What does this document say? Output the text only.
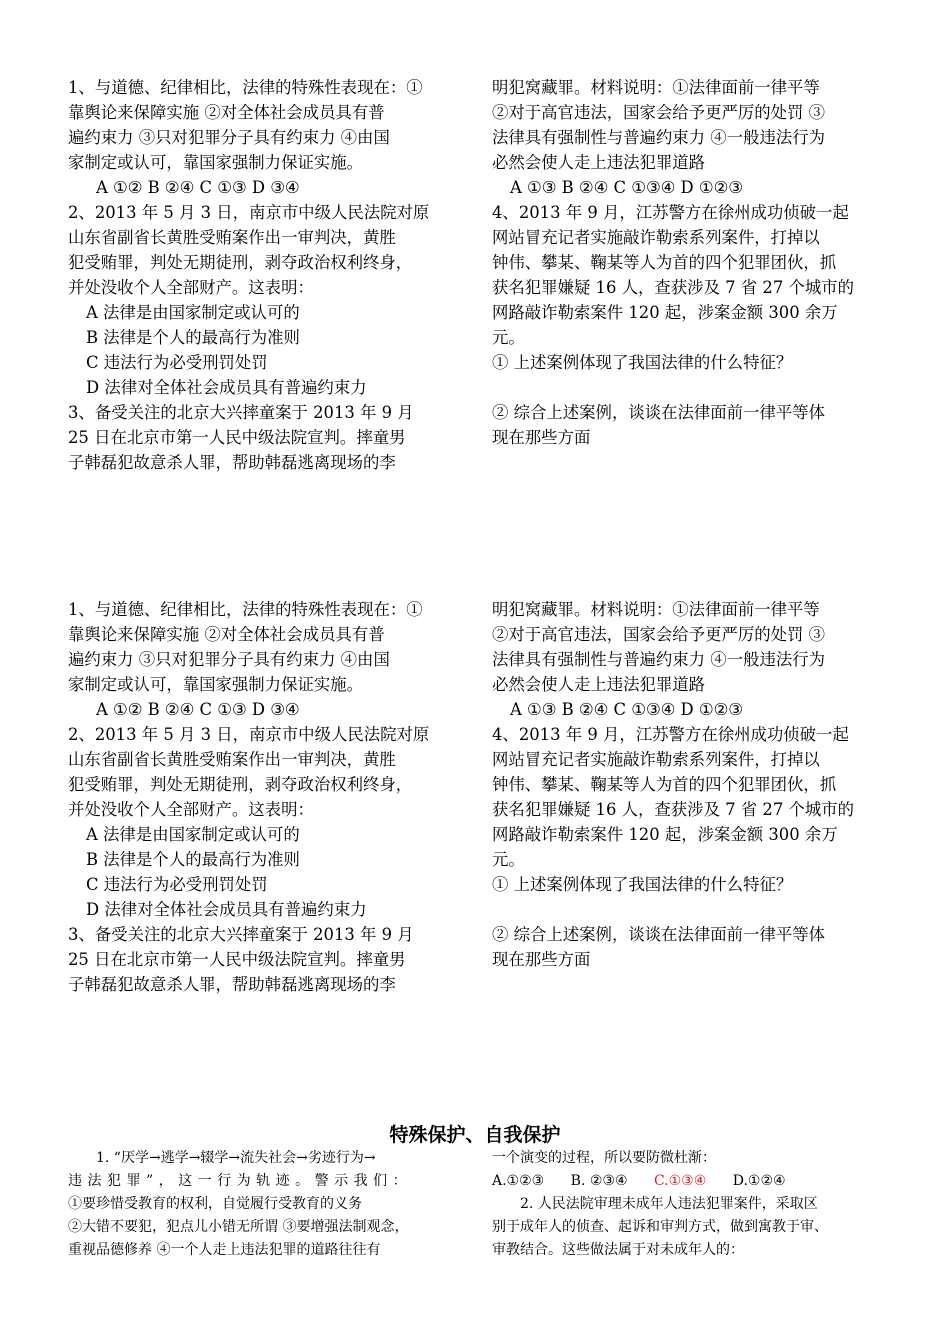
1、与道德、纪律相比，法律的特殊性表现在：①

靠舆论来保障实施 ②对全体社会成员具有普

遍约束力 ③只对犯罪分子具有约束力 ④由国

家制定或认可，靠国家强制力保证实施。

A ①② B ②④ C ①③ D ③④

2、2013 年 5 月 3 日，南京市中级人民法院对原

山东省副省长黄胜受贿案作出一审判决，黄胜

犯受贿罪，判处无期徒刑，剥夺政治权利终身，

并处没收个人全部财产。这表明：

A 法律是由国家制定或认可的

B 法律是个人的最高行为准则

C 违法行为必受刑罚处罚

D 法律对全体社会成员具有普遍约束力

3、备受关注的北京大兴摔童案于 2013 年 9 月

25 日在北京市第一人民中级法院宣判。摔童男

子韩磊犯故意杀人罪，帮助韩磊逃离现场的李

明犯窝藏罪。材料说明：①法律面前一律平等

②对于高官违法，国家会给予更严厉的处罚 ③

法律具有强制性与普遍约束力 ④一般违法行为

必然会使人走上违法犯罪道路

A ①③ B ②④ C ①③④ D ①②③

4、2013 年 9 月，江苏警方在徐州成功侦破一起

网站冒充记者实施敲诈勒索系列案件，打掉以

钟伟、攀某、鞠某等人为首的四个犯罪团伙，抓

获名犯罪嫌疑 16 人，查获涉及 7 省 27 个城市的

网路敲诈勒索案件 120 起，涉案金额 300 余万

元。

① 上述案例体现了我国法律的什么特征？

② 综合上述案例，谈谈在法律面前一律平等体

现在那些方面

1、与道德、纪律相比，法律的特殊性表现在：①

靠舆论来保障实施 ②对全体社会成员具有普

遍约束力 ③只对犯罪分子具有约束力 ④由国

家制定或认可，靠国家强制力保证实施。

A ①② B ②④ C ①③ D ③④

2、2013 年 5 月 3 日，南京市中级人民法院对原

山东省副省长黄胜受贿案作出一审判决，黄胜

犯受贿罪，判处无期徒刑，剥夺政治权利终身，

并处没收个人全部财产。这表明：

A 法律是由国家制定或认可的

B 法律是个人的最高行为准则

C 违法行为必受刑罚处罚

D 法律对全体社会成员具有普遍约束力

3、备受关注的北京大兴摔童案于 2013 年 9 月

25 日在北京市第一人民中级法院宣判。摔童男

子韩磊犯故意杀人罪，帮助韩磊逃离现场的李

明犯窝藏罪。材料说明：①法律面前一律平等

②对于高官违法，国家会给予更严厉的处罚 ③

法律具有强制性与普遍约束力 ④一般违法行为

必然会使人走上违法犯罪道路

A ①③ B ②④ C ①③④ D ①②③

4、2013 年 9 月，江苏警方在徐州成功侦破一起

网站冒充记者实施敲诈勒索系列案件，打掉以

钟伟、攀某、鞠某等人为首的四个犯罪团伙，抓

获名犯罪嫌疑 16 人，查获涉及 7 省 27 个城市的

网路敲诈勒索案件 120 起，涉案金额 300 余万

元。

① 上述案例体现了我国法律的什么特征？

② 综合上述案例，谈谈在法律面前一律平等体

现在那些方面

特殊保护、自我保护

1. “厌学→逃学→辍学→流失社会→劣迹行为→

违法犯罪”，这一行为轨迹。警示我们：

①要珍惜受教育的权利，自觉履行受教育的义务

②大错不要犯，犯点儿小错无所谓 ③要增强法制观念，

重视品德修养 ④一个人走上违法犯罪的道路往往有

一个演变的过程，所以要防微杜渐：

A.①②③ B. ②③④ C.①③④ D.①②④

2. 人民法院审理未成年人违法犯罪案件，采取区

别于成年人的侦查、起诉和审判方式，做到寓教于审、

审教结合。这些做法属于对未成年人的：
